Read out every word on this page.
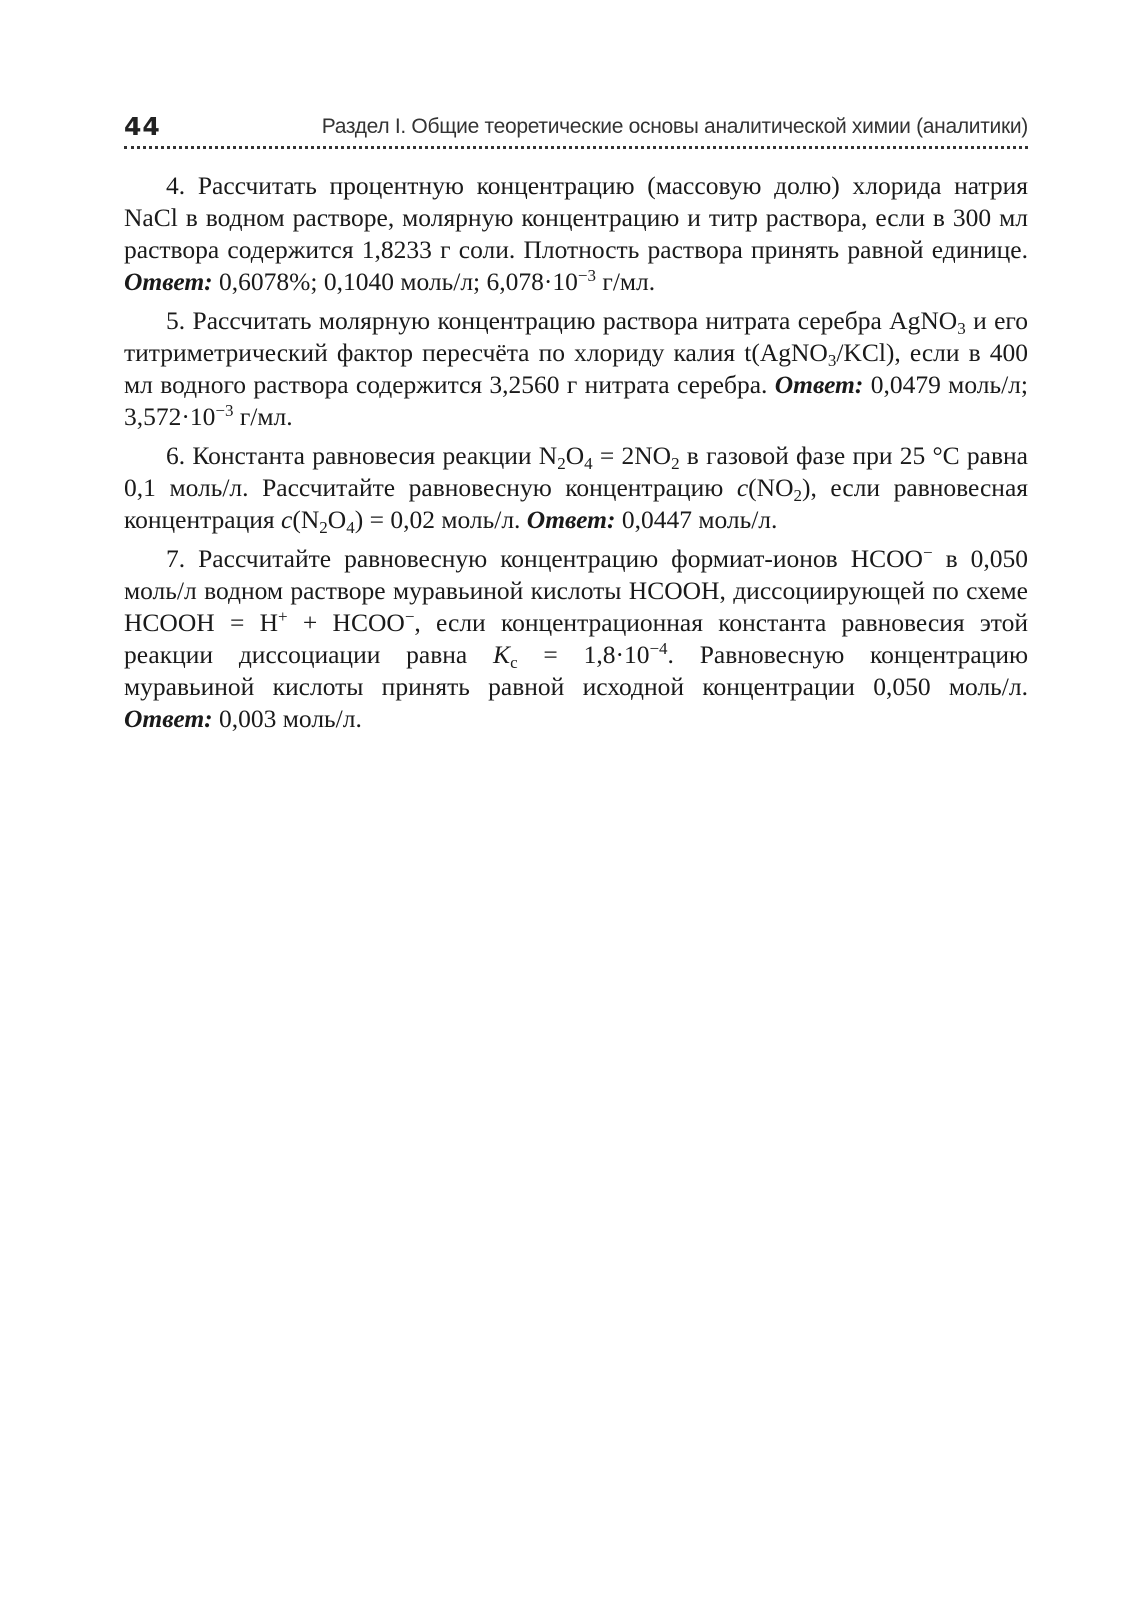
44	Раздел I. Общие теоретические основы аналитической химии (аналитики)

4. Рассчитать процентную концентрацию (массовую долю) хлорида натрия NaCl в водном растворе, молярную концентрацию и титр раствора, если в 300 мл раствора содержится 1,8233 г соли. Плотность раствора принять равной единице. Ответ: 0,6078%; 0,1040 моль/л; $6,078\cdot 10^{-3}$ г/мл.

5. Рассчитать молярную концентрацию раствора нитрата серебра AgNO$_3$ и его титриметрический фактор пересчёта по хлориду калия t(AgNO$_3$/KCl), если в 400 мл водного раствора содержится 3,2560 г нитрата серебра. Ответ: 0,0479 моль/л; $3,572\cdot 10^{-3}$ г/мл.

6. Константа равновесия реакции $N_2O_4 = 2NO_2$ в газовой фазе при 25 °C равна 0,1 моль/л. Рассчитайте равновесную концентрацию $c(NO_2)$, если равновесная концентрация $c(N_2O_4) = 0,02$ моль/л. Ответ: 0,0447 моль/л.

7. Рассчитайте равновесную концентрацию формиат-ионов HCOO− в 0,050 моль/л водном растворе муравьиной кислоты HCOOH, диссоциирующей по схеме HCOOH = H+ + HCOO−, если концентрационная константа равновесия этой реакции диссоциации равна $K_c = 1,8\cdot 10^{-4}$. Равновесную концентрацию муравьиной кислоты принять равной исходной концентрации 0,050 моль/л. Ответ: 0,003 моль/л.
